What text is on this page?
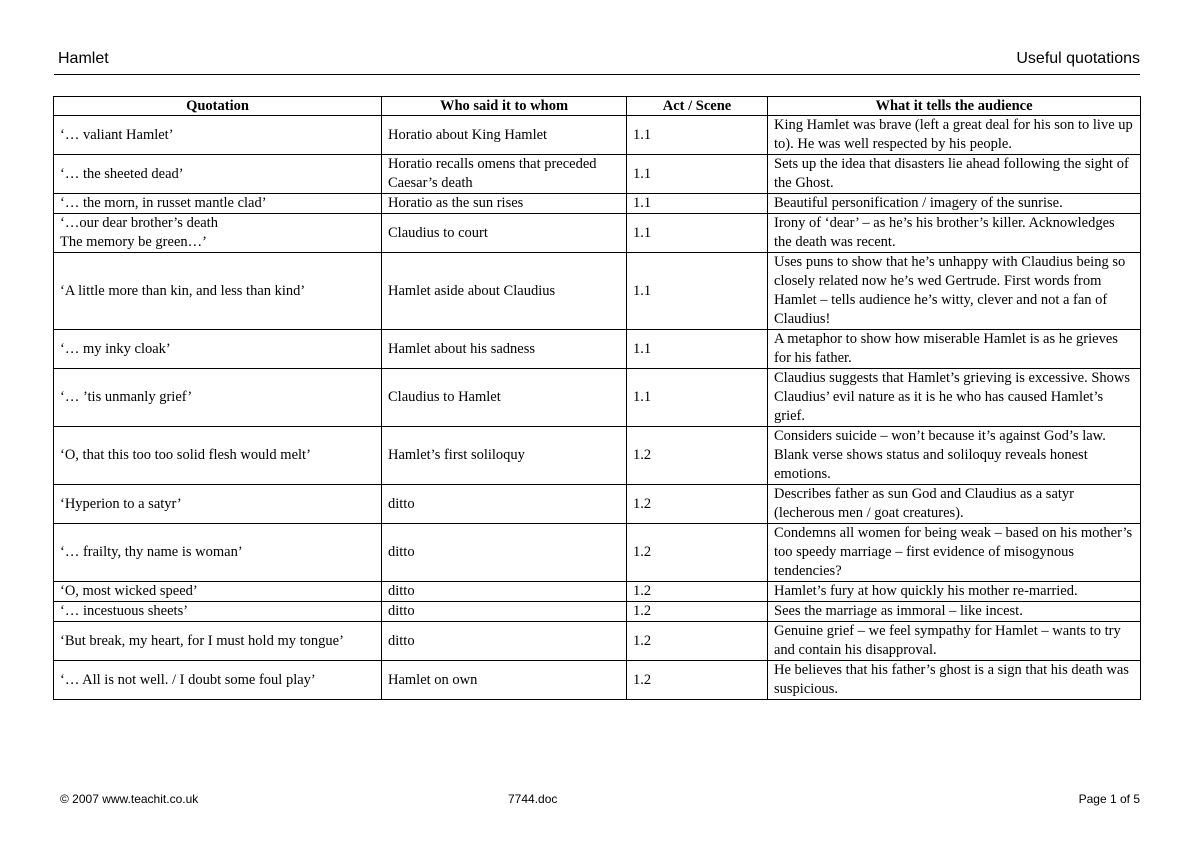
Hamlet	Useful quotations
Quotation	Who said it to whom	Act / Scene	What it tells the audience
‘… valiant Hamlet’	Horatio about King Hamlet	1.1	King Hamlet was brave (left a great deal for his son to live up to). He was well respected by his people.
‘… the sheeted dead’	Horatio recalls omens that preceded Caesar’s death	1.1	Sets up the idea that disasters lie ahead following the sight of the Ghost.
‘… the morn, in russet mantle clad’	Horatio as the sun rises	1.1	Beautiful personification / imagery of the sunrise.
‘…our dear brother’s death
The memory be green…’	Claudius to court	1.1	Irony of ‘dear’ – as he’s his brother’s killer. Acknowledges the death was recent.
‘A little more than kin, and less than kind’	Hamlet aside about Claudius	1.1	Uses puns to show that he’s unhappy with Claudius being so closely related now he’s wed Gertrude. First words from Hamlet – tells audience he’s witty, clever and not a fan of Claudius!
‘… my inky cloak’	Hamlet about his sadness	1.1	A metaphor to show how miserable Hamlet is as he grieves for his father.
‘… ’tis unmanly grief’	Claudius to Hamlet	1.1	Claudius suggests that Hamlet’s grieving is excessive. Shows Claudius’ evil nature as it is he who has caused Hamlet’s grief.
‘O, that this too too solid flesh would melt’	Hamlet’s first soliloquy	1.2	Considers suicide – won’t because it’s against God’s law. Blank verse shows status and soliloquy reveals honest emotions.
‘Hyperion to a satyr’	ditto	1.2	Describes father as sun God and Claudius as a satyr (lecherous men / goat creatures).
‘… frailty, thy name is woman’	ditto	1.2	Condemns all women for being weak – based on his mother’s too speedy marriage – first evidence of misogynous tendencies?
‘O, most wicked speed’	ditto	1.2	Hamlet’s fury at how quickly his mother re-married.
‘… incestuous sheets’	ditto	1.2	Sees the marriage as immoral – like incest.
‘But break, my heart, for I must hold my tongue’	ditto	1.2	Genuine grief – we feel sympathy for Hamlet – wants to try and contain his disapproval.
‘… All is not well. / I doubt some foul play’	Hamlet on own	1.2	He believes that his father’s ghost is a sign that his death was suspicious.
© 2007 www.teachit.co.uk	7744.doc	Page 1 of 5
